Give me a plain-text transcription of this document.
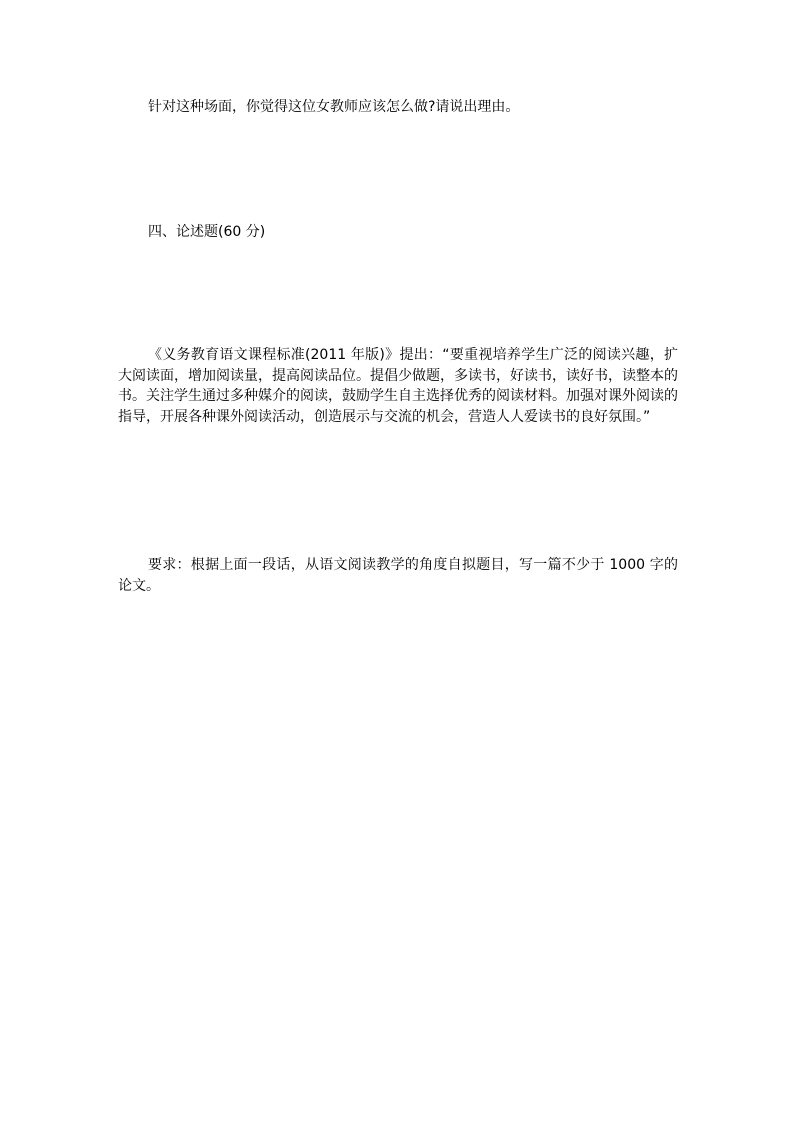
针对这种场面，你觉得这位女教师应该怎么做?请说出理由。

四、论述题(60 分)

《义务教育语文课程标准(2011 年版)》提出：“要重视培养学生广泛的阅读兴趣，扩大阅读面，增加阅读量，提高阅读品位。提倡少做题，多读书，好读书，读好书，读整本的书。关注学生通过多种媒介的阅读，鼓励学生自主选择优秀的阅读材料。加强对课外阅读的指导，开展各种课外阅读活动，创造展示与交流的机会，营造人人爱读书的良好氛围。”

要求：根据上面一段话，从语文阅读教学的角度自拟题目，写一篇不少于 1000 字的论文。
